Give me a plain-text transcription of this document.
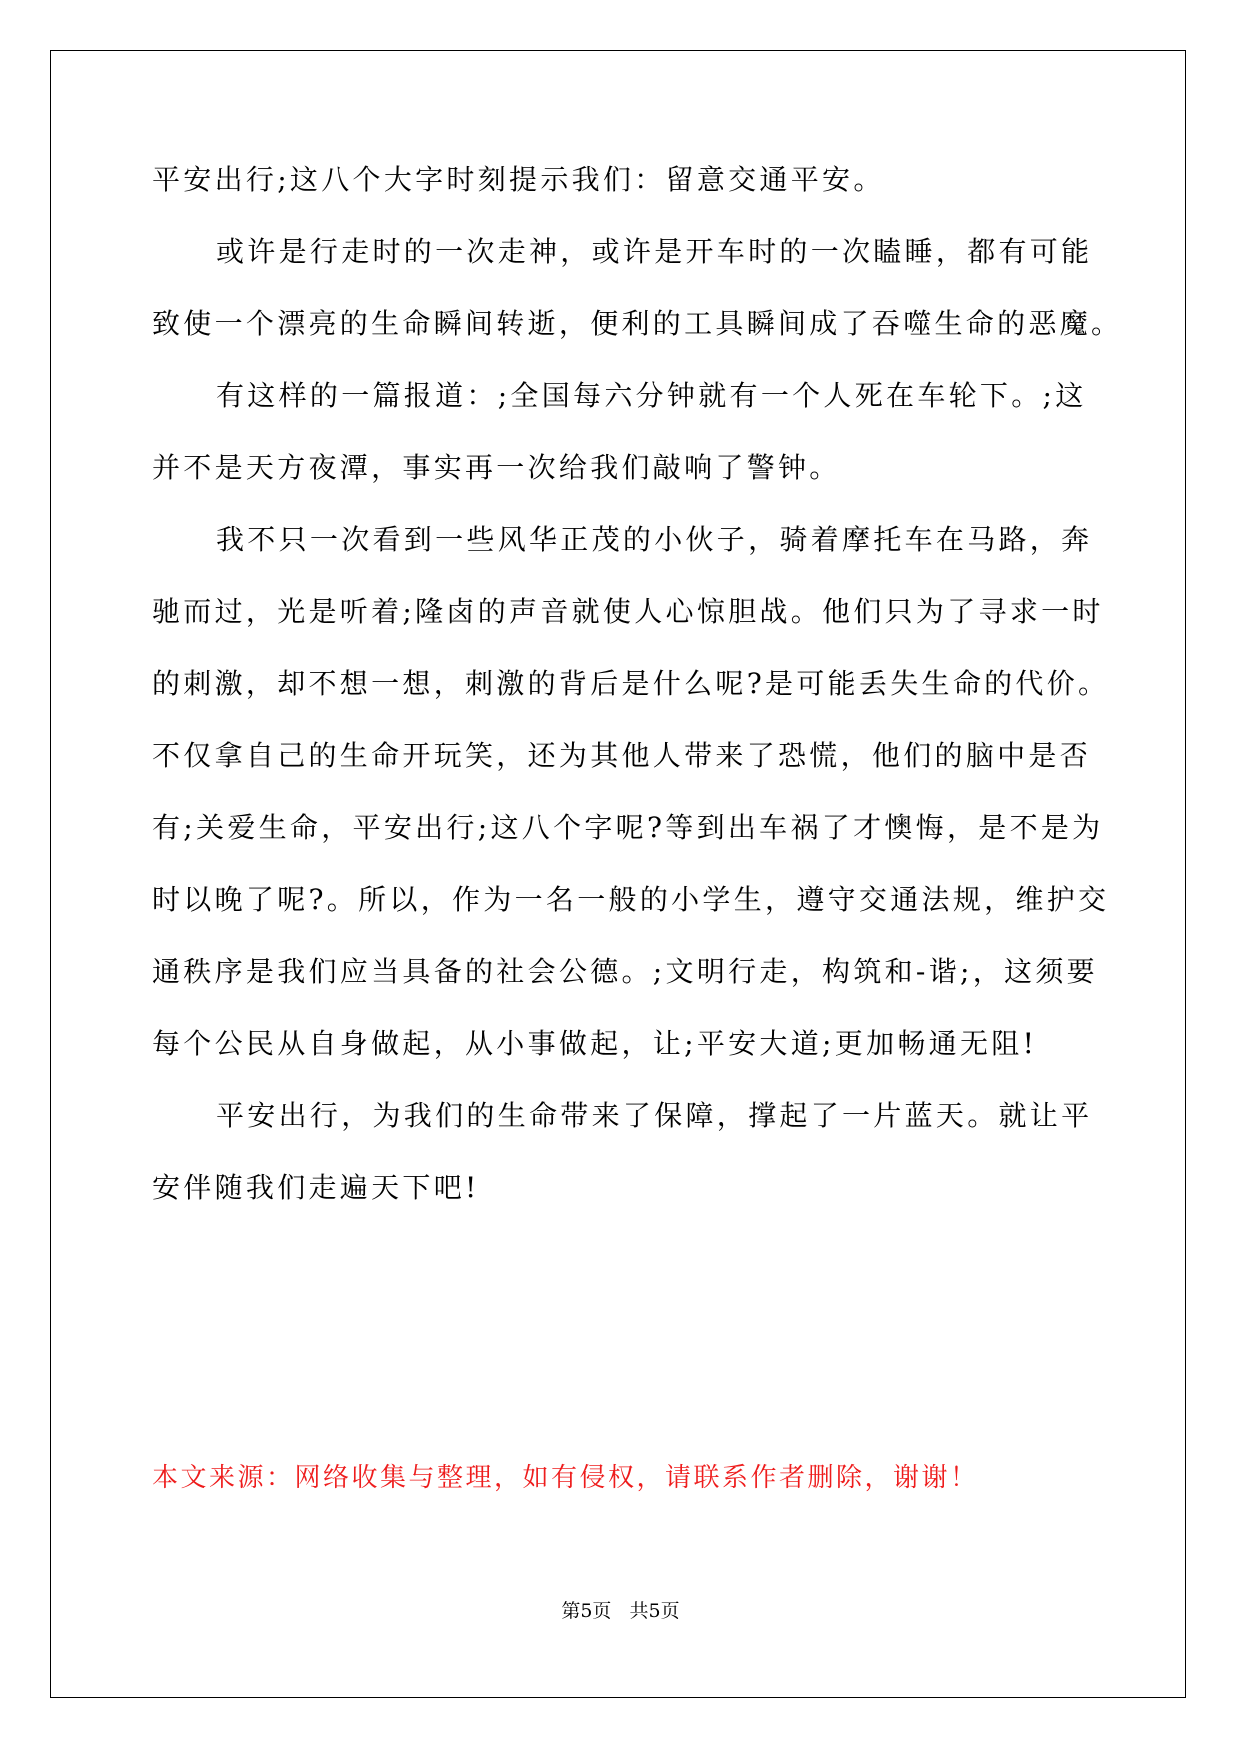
平安出行;这八个大字时刻提示我们：留意交通平安。
或许是行走时的一次走神，或许是开车时的一次瞌睡，都有可能
致使一个漂亮的生命瞬间转逝，便利的工具瞬间成了吞噬生命的恶魔。
有这样的一篇报道：;全国每六分钟就有一个人死在车轮下。;这
并不是天方夜潭，事实再一次给我们敲响了警钟。
我不只一次看到一些风华正茂的小伙子，骑着摩托车在马路，奔
驰而过，光是听着;隆卤的声音就使人心惊胆战。他们只为了寻求一时
的刺激，却不想一想，刺激的背后是什么呢?是可能丢失生命的代价。
不仅拿自己的生命开玩笑，还为其他人带来了恐慌，他们的脑中是否
有;关爱生命，平安出行;这八个字呢?等到出车祸了才懊悔，是不是为
时以晚了呢?。所以，作为一名一般的小学生，遵守交通法规，维护交
通秩序是我们应当具备的社会公德。;文明行走，构筑和-谐;，这须要
每个公民从自身做起，从小事做起，让;平安大道;更加畅通无阻!
平安出行，为我们的生命带来了保障，撑起了一片蓝天。就让平
安伴随我们走遍天下吧!
本文来源：网络收集与整理，如有侵权，请联系作者删除，谢谢！
第5页   共5页
